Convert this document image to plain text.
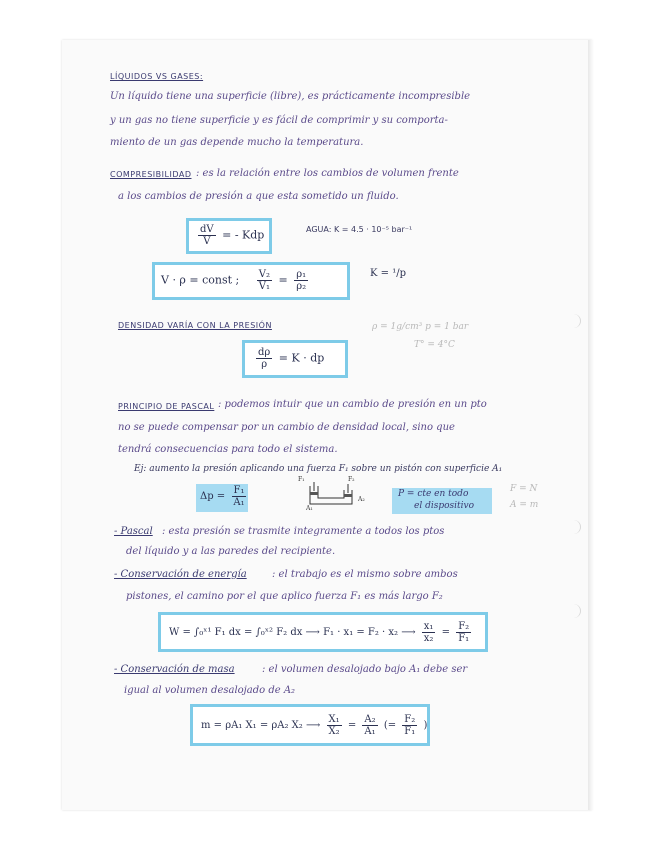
LÍQUIDOS VS GASES:
Un líquido tiene una superficie (libre), es prácticamente incompresible
y un gas no tiene superficie y es fácil de comprimir y su comporta-
miento de un gas depende mucho la temperatura.
COMPRESIBILIDAD : es la relación entre los cambios de volumen frente
a los cambios de presión a que esta sometido un fluido.
$\frac{dV}{V}$ = - Kdp	AGUA: K = 4.5 · 10⁻⁵ bar⁻¹
V · ρ = const ; $\frac{\text{V₂}}{\text{V₁}} = \frac{\text{ρ₁}}{\text{ρ₂}}$	K = ¹/p
DENSIDAD VARÍA CON LA PRESIÓN	ρ = 1g/cm³ p = 1 bar
T° = 4°C
$\frac{d\rho}{\rho} = K$ · dp
PRINCIPIO DE PASCAL : podemos intuir que un cambio de presión en un pto
no se puede compensar por un cambio de densidad local, sino que
tendrá consecuencias para todo el sistema.
Ej: aumento la presión aplicando una fuerza F₁ sobre un pistón con superficie A₁
$\Delta p = \frac{\text{F₁}}{\text{A₁}}$
F₁	F₂
A₁
A₂
P = cte en todo
el dispositivo
F = N
A = m
- Pascal : esta presión se trasmite integramente a todos los ptos
del líquido y a las paredes del recipiente.
- Conservación de energía	: el trabajo es el mismo sobre ambos
pistones, el camino por el que aplico fuerza F₁ es más largo F₂
W = ∫₀ˣ¹ F₁ dx = ∫₀ˣ² F₂ dx ⟶ F₁ · x₁ = F₂ · x₂ ⟶ $\frac{\text{x₁}}{\text{x₂}} = \frac{\text{F₂}}{\text{F₁}}$
- Conservación de masa	: el volumen desalojado bajo A₁ debe ser
igual al volumen desalojado de A₂
m = ρA₁ X₁ = ρA₂ X₂ ⟶ $\frac{\text{X₁}}{\text{X₂}} = \frac{\text{A₂}}{\text{A₁}}$ (= $\frac{\text{F₂}}{\text{F₁}}$ )
